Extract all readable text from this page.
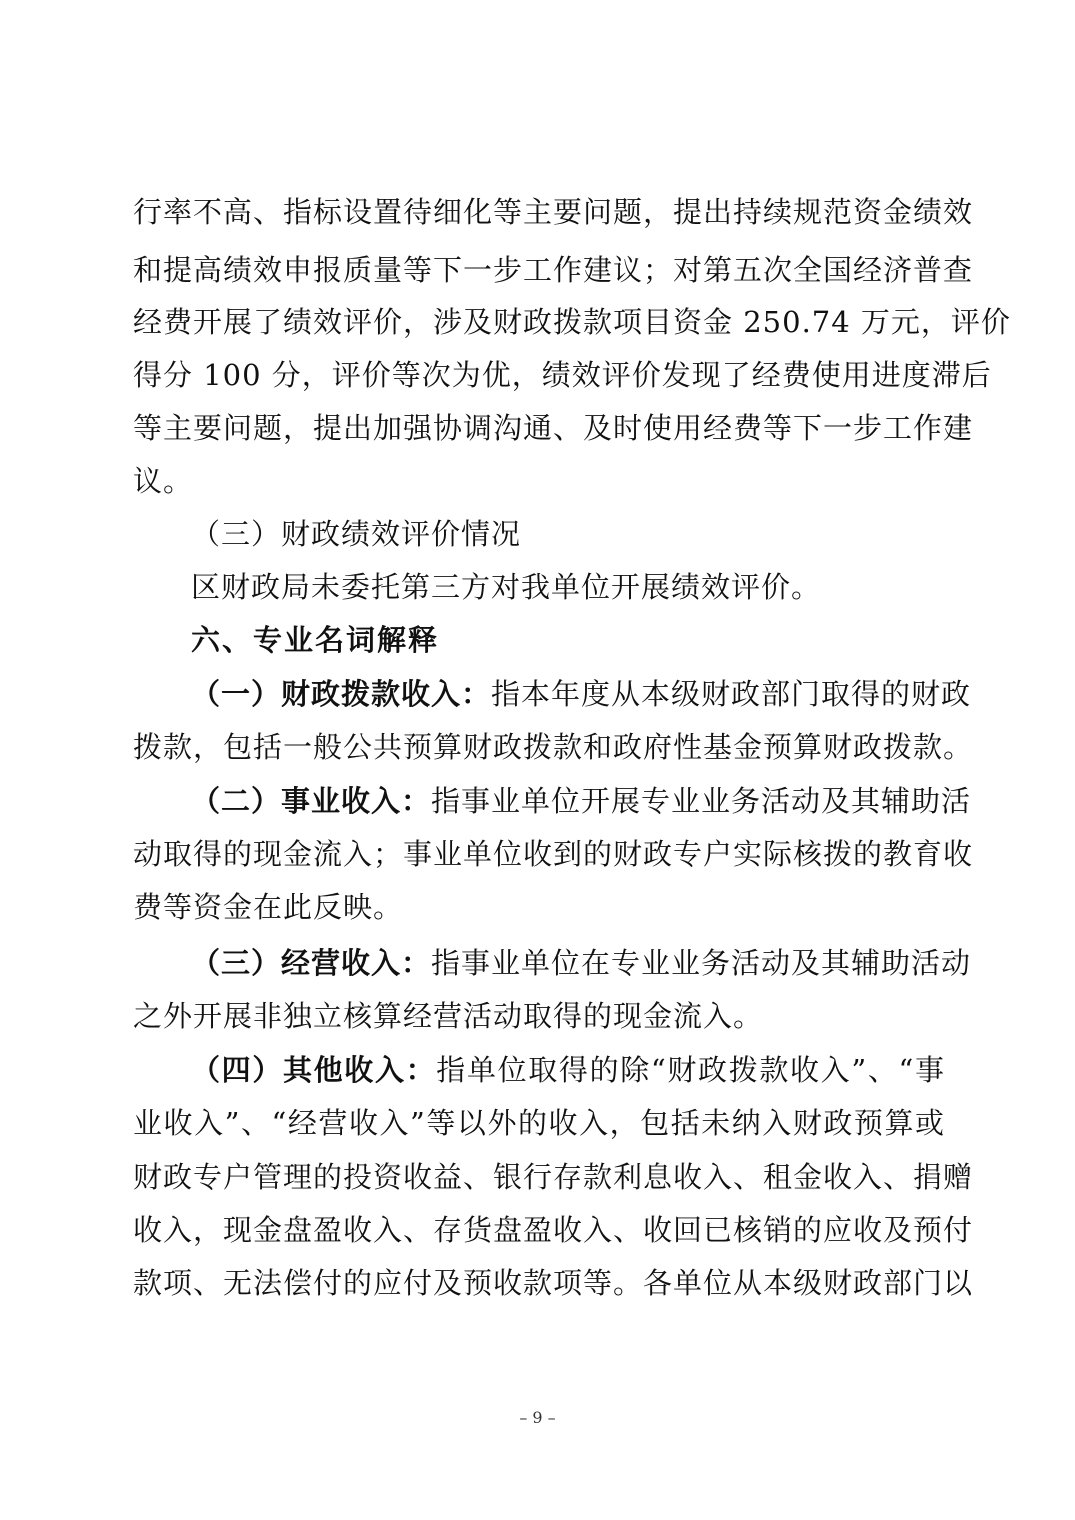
行率不高、指标设置待细化等主要问题，提出持续规范资金绩效
和提高绩效申报质量等下一步工作建议；对第五次全国经济普查
经费开展了绩效评价，涉及财政拨款项目资金 250.74 万元，评价
得分 100 分，评价等次为优，绩效评价发现了经费使用进度滞后
等主要问题，提出加强协调沟通、及时使用经费等下一步工作建
议。
（三）财政绩效评价情况
区财政局未委托第三方对我单位开展绩效评价。
六、专业名词解释
（一）财政拨款收入：指本年度从本级财政部门取得的财政
拨款，包括一般公共预算财政拨款和政府性基金预算财政拨款。
（二）事业收入：指事业单位开展专业业务活动及其辅助活
动取得的现金流入；事业单位收到的财政专户实际核拨的教育收
费等资金在此反映。
（三）经营收入：指事业单位在专业业务活动及其辅助活动
之外开展非独立核算经营活动取得的现金流入。
（四）其他收入：指单位取得的除“财政拨款收入”、“事
业收入”、“经营收入”等以外的收入，包括未纳入财政预算或
财政专户管理的投资收益、银行存款利息收入、租金收入、捐赠
收入，现金盘盈收入、存货盘盈收入、收回已核销的应收及预付
款项、无法偿付的应付及预收款项等。各单位从本级财政部门以
– 9 –
